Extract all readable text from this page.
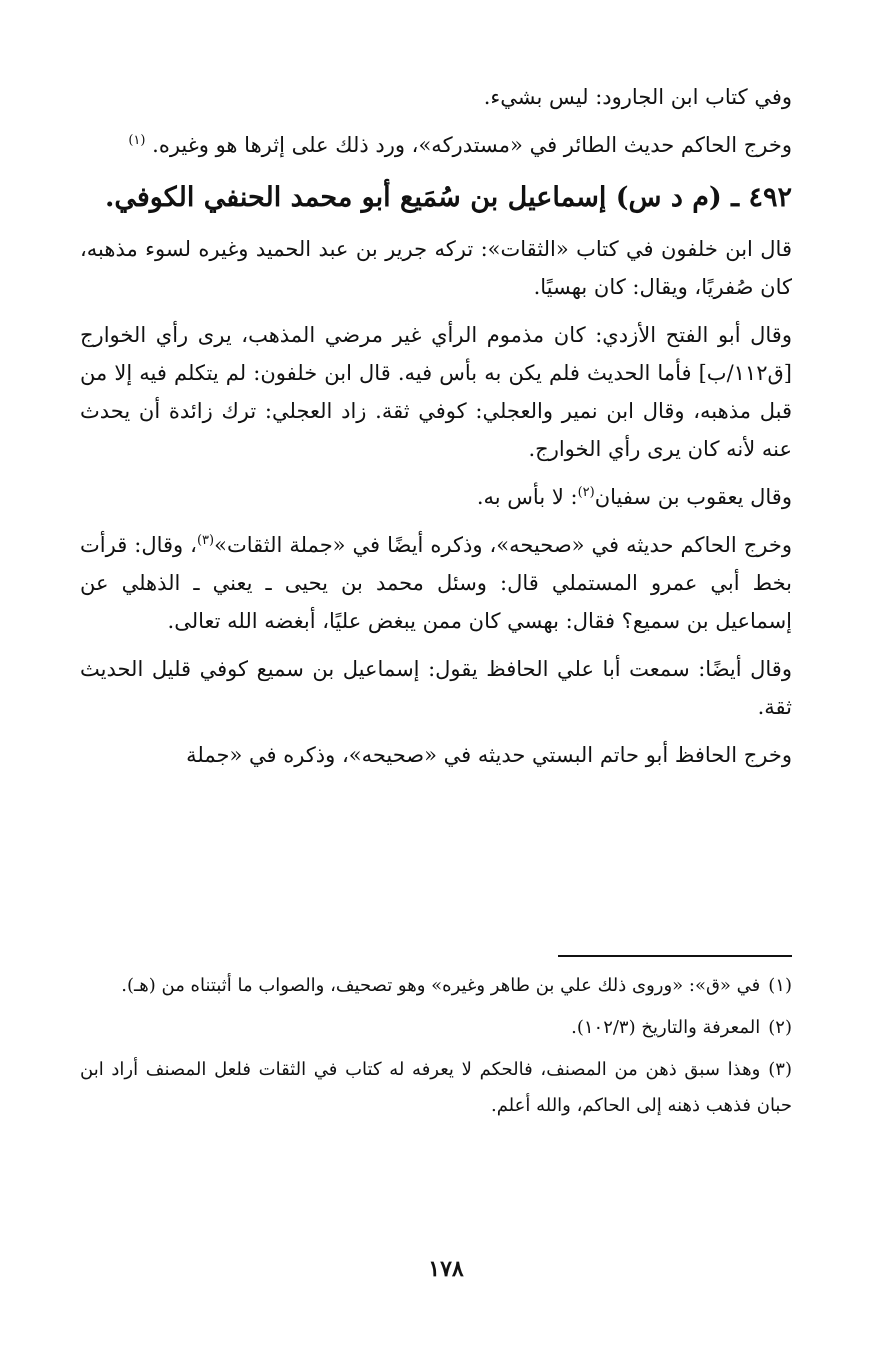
وفي كتاب ابن الجارود: ليس بشيء.

وخرج الحاكم حديث الطائر في «مستدركه»، ورد ذلك على إثرها هو وغيره. $^{(١)}$

٤٩٢ ـ (م د س) إسماعيل بن سُمَيع أبو محمد الحنفي الكوفي.

قال ابن خلفون في كتاب «الثقات»: تركه جرير بن عبد الحميد وغيره لسوء مذهبه، كان صُفريًا، ويقال: كان بهسيًا.

وقال أبو الفتح الأزدي: كان مذموم الرأي غير مرضي المذهب، يرى رأي الخوارج [ق١١٢/ب] فأما الحديث فلم يكن به بأس فيه. قال ابن خلفون: لم يتكلم فيه إلا من قبل مذهبه، وقال ابن نمير والعجلي: كوفي ثقة. زاد العجلي: ترك زائدة أن يحدث عنه لأنه كان يرى رأي الخوارج.

وقال يعقوب بن سفيان$^{(٢)}$: لا بأس به.

وخرج الحاكم حديثه في «صحيحه»، وذكره أيضًا في «جملة الثقات»$^{(٣)}$، وقال: قرأت بخط أبي عمرو المستملي قال: وسئل محمد بن يحيى ـ يعني ـ الذهلي عن إسماعيل بن سميع؟ فقال: بهسي كان ممن يبغض عليًا، أبغضه الله تعالى.

وقال أيضًا: سمعت أبا علي الحافظ يقول: إسماعيل بن سميع كوفي قليل الحديث ثقة.

وخرج الحافظ أبو حاتم البستي حديثه في «صحيحه»، وذكره في «جملة

(١)في «ق»: «وروى ذلك علي بن طاهر وغيره» وهو تصحيف، والصواب ما أثبتناه من (هـ).

(٢)المعرفة والتاريخ (١٠٢/٣).

(٣)وهذا سبق ذهن من المصنف، فالحكم لا يعرفه له كتاب في الثقات فلعل المصنف أراد ابن حبان فذهب ذهنه إلى الحاكم، والله أعلم.

١٧٨
